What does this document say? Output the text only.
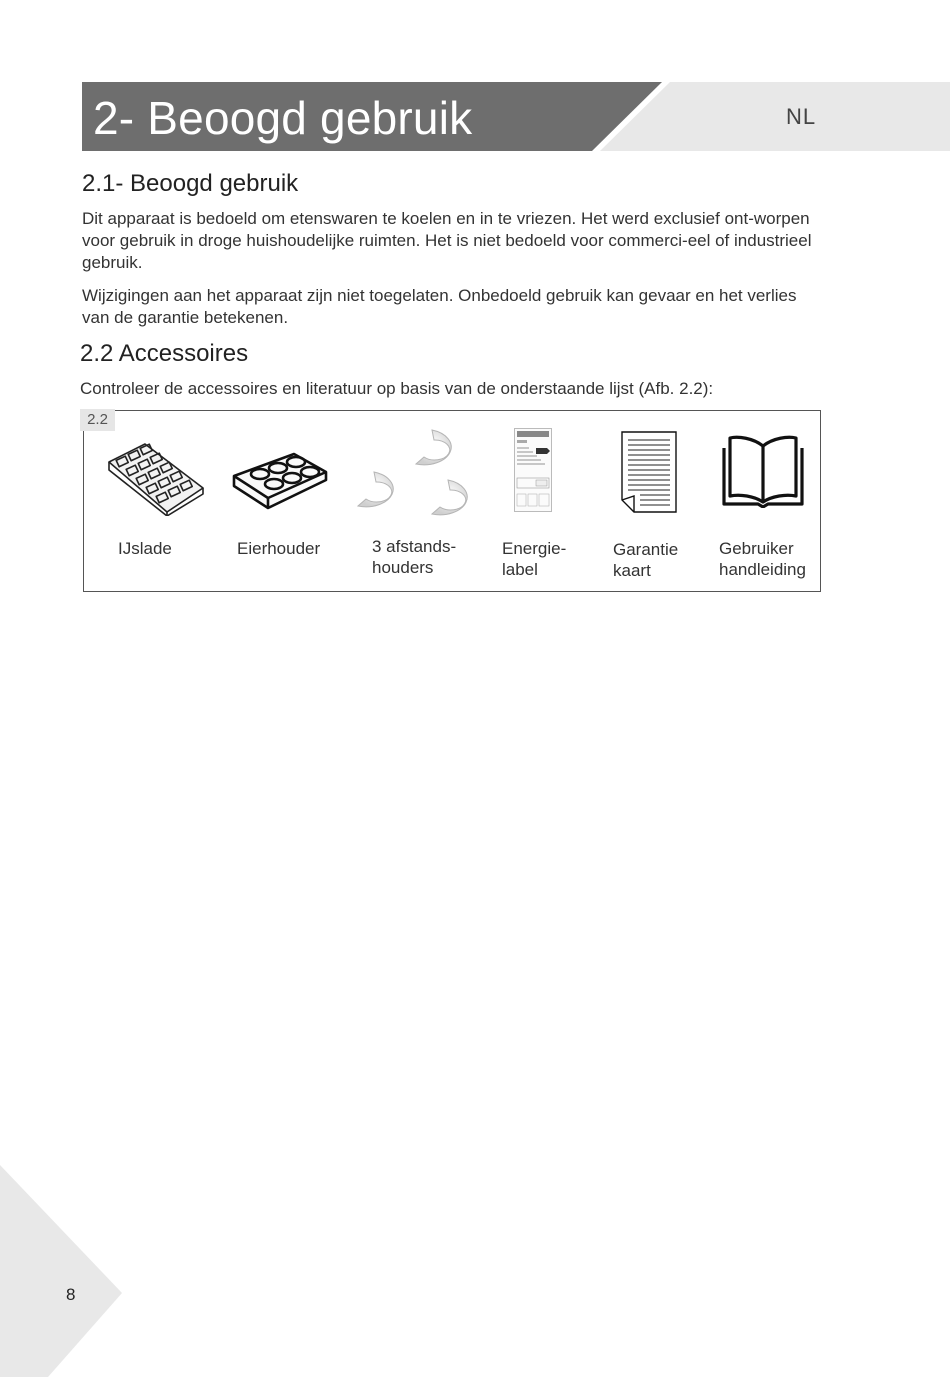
2- Beoogd gebruik	NL
2.1- Beoogd gebruik

Dit apparaat is bedoeld om etenswaren te koelen en in te vriezen. Het werd exclusief ont-worpen voor gebruik in droge huishoudelijke ruimten. Het is niet bedoeld voor commerci-eel of industrieel gebruik.

Wijzigingen aan het apparaat zijn niet toegelaten. Onbedoeld gebruik kan gevaar en het verlies van de garantie betekenen.

2.2 Accessoires

Controleer de accessoires en literatuur op basis van de onderstaande lijst (Afb. 2.2):

2.2
IJslade	Eierhouder	3 afstands-
houders
Energie-
label
Garantie
kaart
Gebruiker
handleiding
8
